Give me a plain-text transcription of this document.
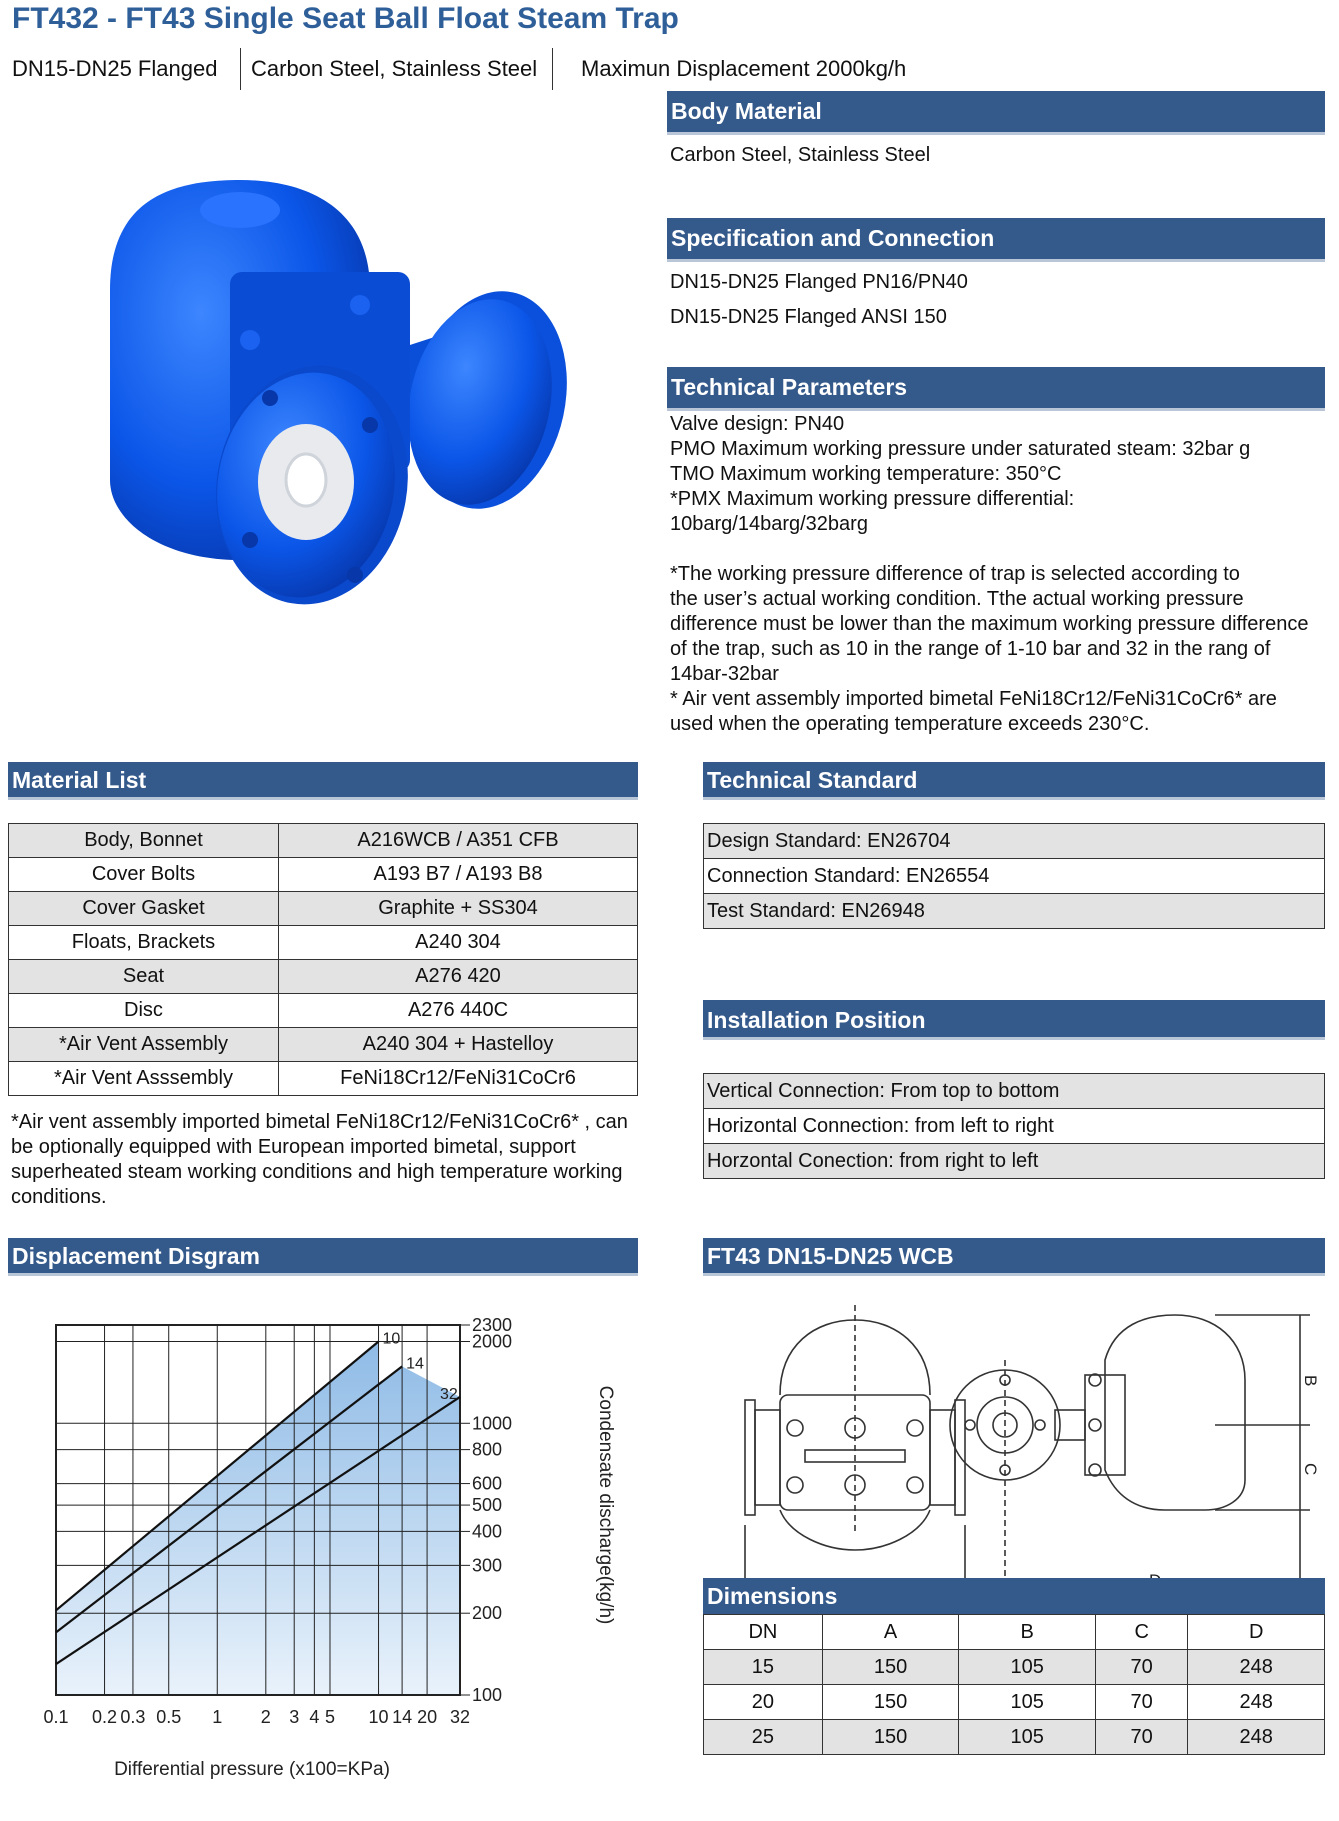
FT432 - FT43 Single Seat Ball Float Steam Trap
DN15-DN25 Flanged Carbon Steel, Stainless Steel Maximun Displacement 2000kg/h
Body Material
Carbon Steel, Stainless Steel
Specification and Connection
DN15-DN25 Flanged PN16/PN40
DN15-DN25 Flanged ANSI 150
Technical Parameters
Valve design: PN40
PMO Maximum working pressure under saturated steam: 32bar g
TMO Maximum working temperature: 350°C
*PMX Maximum working pressure differential:
10barg/14barg/32barg
*The working pressure difference of trap is selected according to
the user’s actual working condition. Tthe actual working pressure
difference must be lower than the maximum working pressure difference
of the trap, such as 10 in the range of 1-10 bar and 32 in the rang of
14bar-32bar
* Air vent assembly imported bimetal FeNi18Cr12/FeNi31CoCr6* are
used when the operating temperature exceeds 230°C.
Material List
Body, Bonnet	A216WCB / A351 CFB
Cover Bolts	A193 B7 / A193 B8
Cover Gasket	Graphite + SS304
Floats, Brackets	A240 304
Seat	A276 420
Disc	A276 440C
*Air Vent Assembly	A240 304 + Hastelloy
*Air Vent Asssembly	FeNi18Cr12/FeNi31CoCr6
*Air vent assembly imported bimetal FeNi18Cr12/FeNi31CoCr6* , can
be optionally equipped with European imported bimetal, support
superheated steam working conditions and high temperature working
conditions.
Technical Standard
Design Standard: EN26704
Connection Standard: EN26554
Test Standard: EN26948
Installation Position
Vertical Connection: From top to bottom
Horizontal Connection: from left to right
Horzontal Conection: from right to left
Displacement Disgram
0.1 0.2 0.3 0.5 1 2 3 4 5 10 14 20 32
100
200
300
400
500
600
800
1000
2000
2300
10
14
32
Differential pressure (x100=KPa)
Condensate discharge(kg/h)
FT43 DN15-DN25 WCB
B
C
Dimensions
DN	A	B	C	D
15	150	105	70	248
20	150	105	70	248
25	150	105	70	248
